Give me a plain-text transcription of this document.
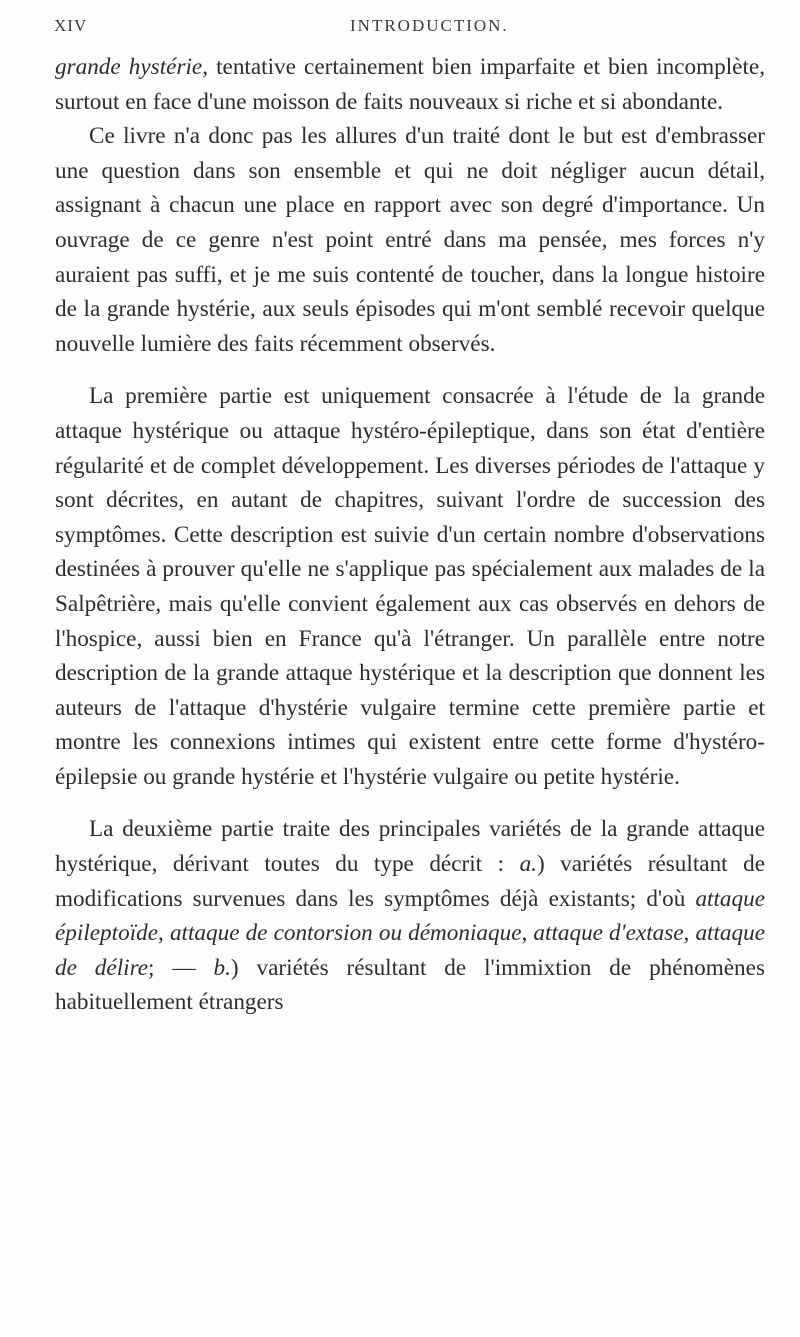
XIV	INTRODUCTION.

grande hystérie, tentative certainement bien imparfaite et bien incomplète, surtout en face d'une moisson de faits nouveaux si riche et si abondante.

Ce livre n'a donc pas les allures d'un traité dont le but est d'embrasser une question dans son ensemble et qui ne doit négliger aucun détail, assignant à chacun une place en rapport avec son degré d'importance. Un ouvrage de ce genre n'est point entré dans ma pensée, mes forces n'y auraient pas suffi, et je me suis contenté de toucher, dans la longue histoire de la grande hystérie, aux seuls épisodes qui m'ont semblé recevoir quelque nouvelle lumière des faits récemment observés.

La première partie est uniquement consacrée à l'étude de la grande attaque hystérique ou attaque hystéro-épileptique, dans son état d'entière régularité et de complet développement. Les diverses périodes de l'attaque y sont décrites, en autant de chapitres, suivant l'ordre de succession des symptômes. Cette description est suivie d'un certain nombre d'observations destinées à prouver qu'elle ne s'applique pas spécialement aux malades de la Salpêtrière, mais qu'elle convient également aux cas observés en dehors de l'hospice, aussi bien en France qu'à l'étranger. Un parallèle entre notre description de la grande attaque hystérique et la description que donnent les auteurs de l'attaque d'hystérie vulgaire termine cette première partie et montre les connexions intimes qui existent entre cette forme d'hystéro-épilepsie ou grande hystérie et l'hystérie vulgaire ou petite hystérie.

La deuxième partie traite des principales variétés de la grande attaque hystérique, dérivant toutes du type décrit : a.) variétés résultant de modifications survenues dans les symptômes déjà existants; d'où attaque épileptoïde, attaque de contorsion ou démoniaque, attaque d'extase, attaque de délire; — b.) variétés résultant de l'immixtion de phénomènes habituellement étrangers
